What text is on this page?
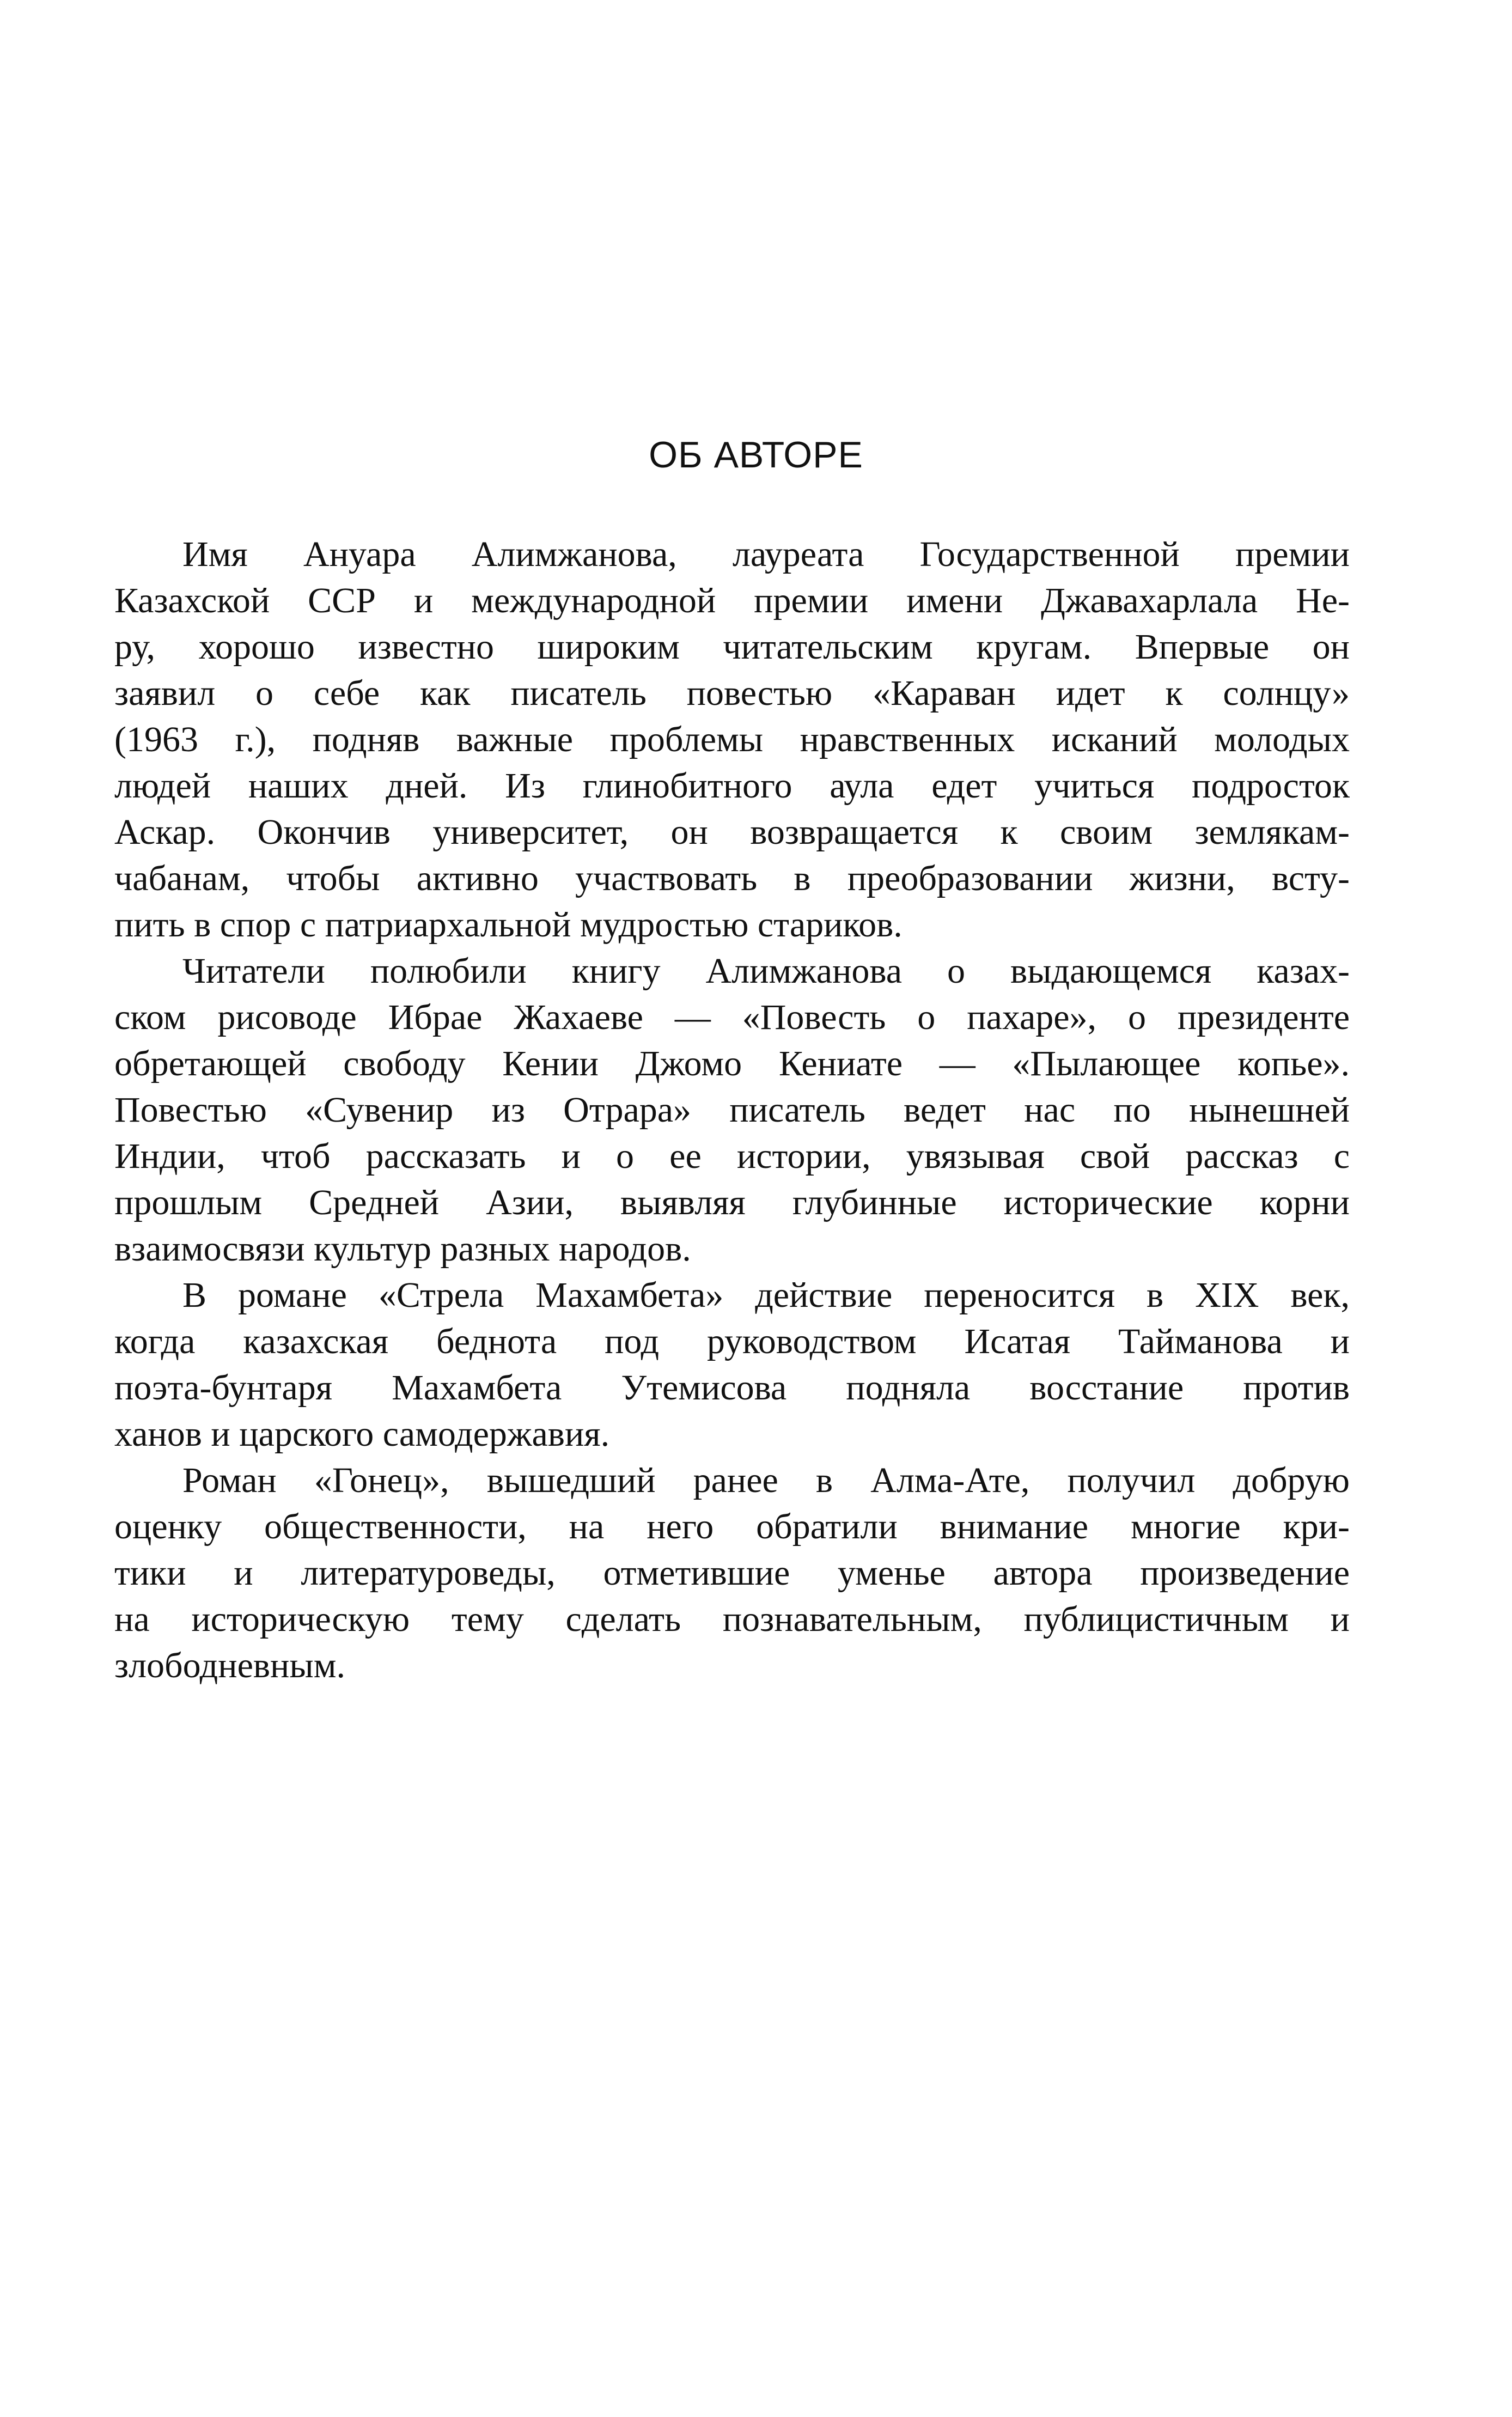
ОБ АВТОРЕ

Имя Ануара Алимжанова, лауреата Государственной премии
Казахской ССР и международной премии имени Джавахарлала Не-
ру, хорошо известно широким читательским кругам. Впервые он
заявил о себе как писатель повестью «Караван идет к солнцу»
(1963 г.), подняв важные проблемы нравственных исканий молодых
людей наших дней. Из глинобитного аула едет учиться подросток
Аскар. Окончив университет, он возвращается к своим землякам-
чабанам, чтобы активно участвовать в преобразовании жизни, всту-
пить в спор с патриархальной мудростью стариков.

Читатели полюбили книгу Алимжанова о выдающемся казах-
ском рисоводе Ибрае Жахаеве — «Повесть о пахаре», о президенте
обретающей свободу Кении Джомо Кениате — «Пылающее копье».
Повестью «Сувенир из Отрара» писатель ведет нас по нынешней
Индии, чтоб рассказать и о ее истории, увязывая свой рассказ с
прошлым Средней Азии, выявляя глубинные исторические корни
взаимосвязи культур разных народов.

В романе «Стрела Махамбета» действие переносится в XIX век,
когда казахская беднота под руководством Исатая Тайманова и
поэта-бунтаря Махамбета Утемисова подняла восстание против
ханов и царского самодержавия.

Роман «Гонец», вышедший ранее в Алма-Ате, получил добрую
оценку общественности, на него обратили внимание многие кри-
тики и литературоведы, отметившие уменье автора произведение
на историческую тему сделать познавательным, публицистичным и
злободневным.
